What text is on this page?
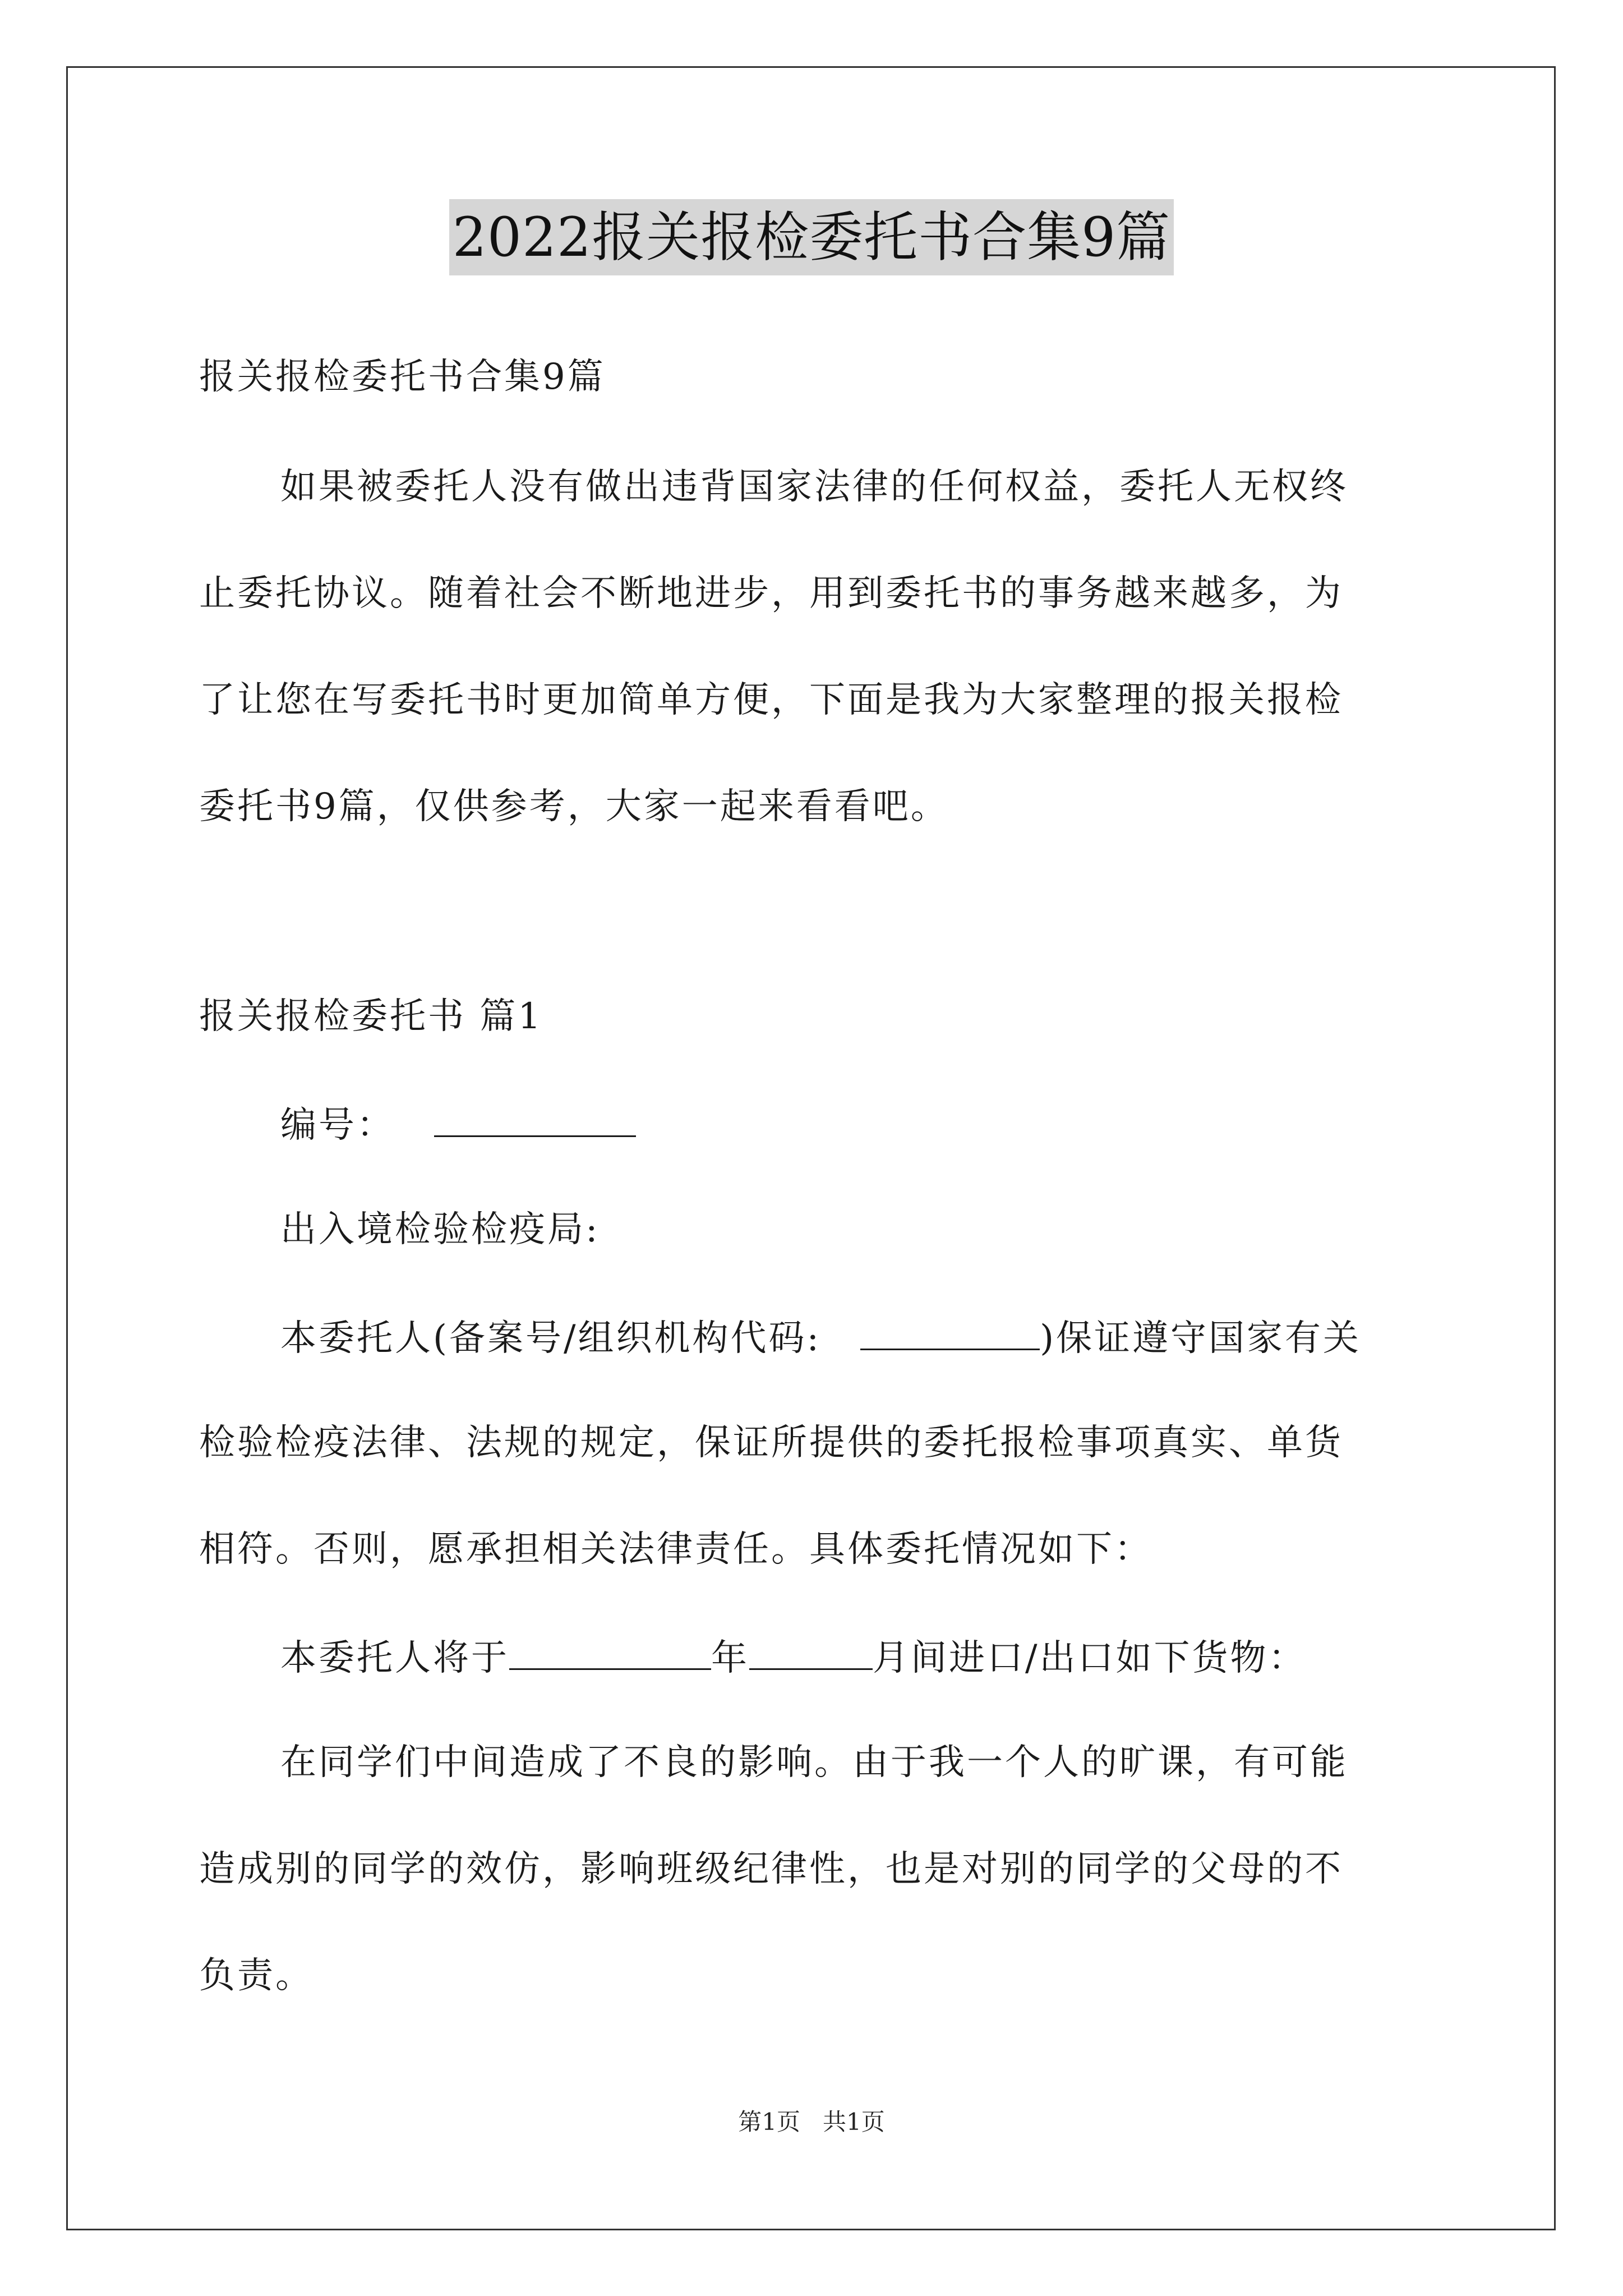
2022报关报检委托书合集9篇
报关报检委托书合集9篇
如果被委托人没有做出违背国家法律的任何权益，委托人无权终
止委托协议。随着社会不断地进步，用到委托书的事务越来越多，为
了让您在写委托书时更加简单方便，下面是我为大家整理的报关报检
委托书9篇，仅供参考，大家一起来看看吧。
报关报检委托书 篇1
编号：
出入境检验检疫局:
本委托人(备案号/组织机构代码:	)保证遵守国家有关
检验检疫法律、法规的规定，保证所提供的委托报检事项真实、单货
相符。否则，愿承担相关法律责任。具体委托情况如下：
本委托人将于	年	月间进口/出口如下货物：
在同学们中间造成了不良的影响。由于我一个人的旷课，有可能
造成别的同学的效仿，影响班级纪律性，也是对别的同学的父母的不
负责。
第1页 共1页
